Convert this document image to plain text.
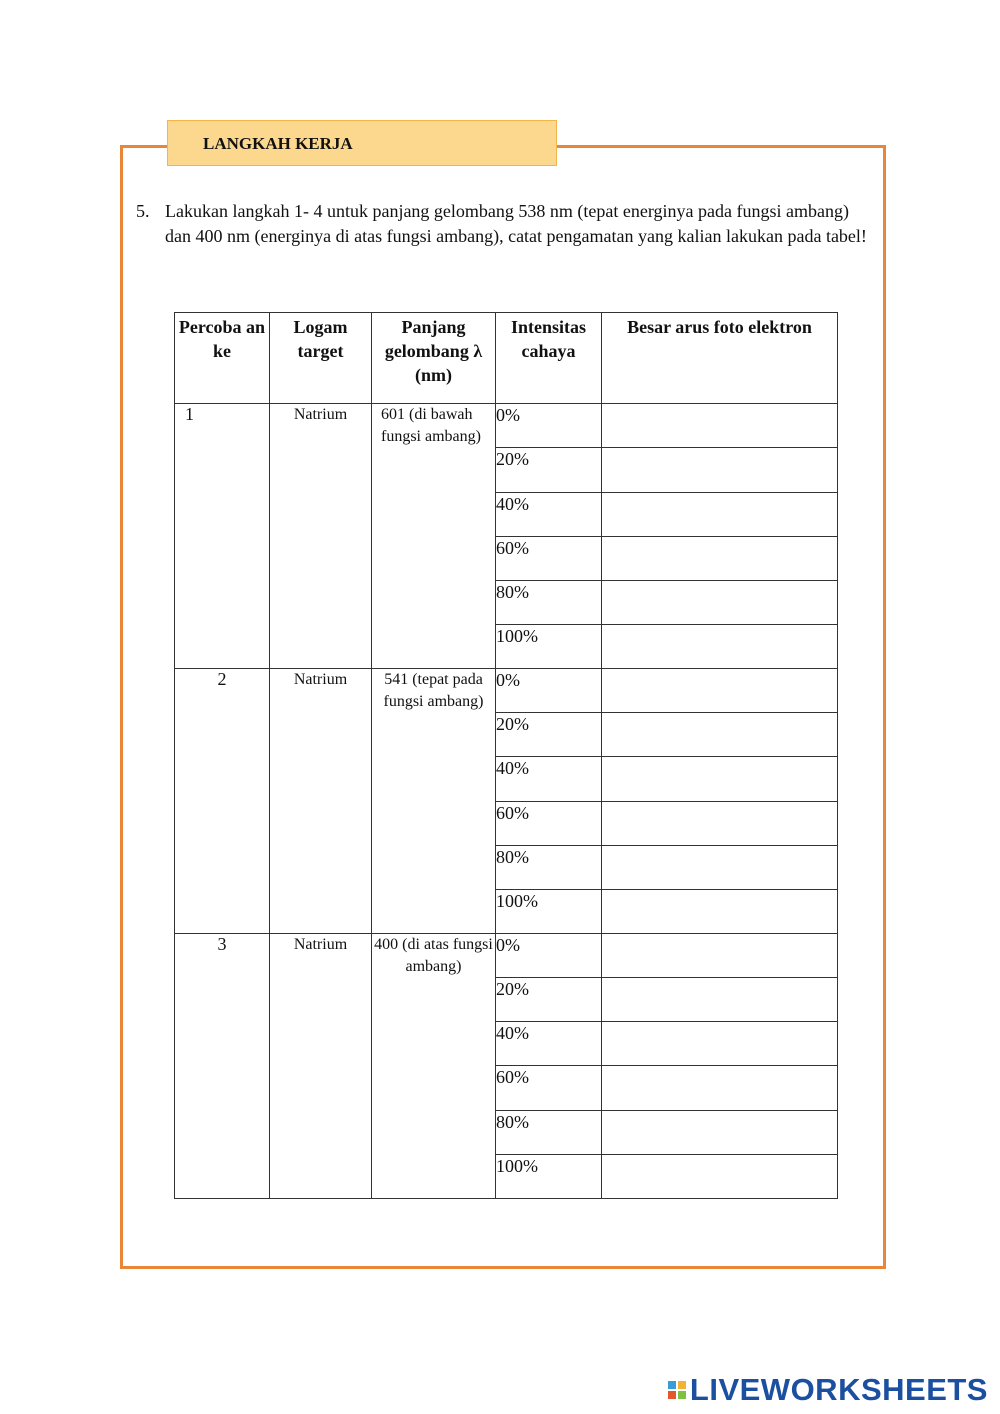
LANGKAH KERJA
5. Lakukan langkah 1- 4 untuk panjang gelombang 538 nm (tepat energinya pada fungsi ambang) dan 400 nm (energinya di atas fungsi ambang), catat pengamatan yang kalian lakukan pada tabel!
Percoba an ke	Logam target	Panjang gelombang λ (nm)	Intensitas cahaya	Besar arus foto elektron
1	Natrium	601 (di bawah fungsi ambang)	0%	
			20%	
			40%	
			60%	
			80%	
			100%	
2	Natrium	541 (tepat pada fungsi ambang)	0%	
			20%	
			40%	
			60%	
			80%	
			100%	
3	Natrium	400 (di atas fungsi ambang)	0%	
			20%	
			40%	
			60%	
			80%	
			100%	
LIVEWORKSHEETS
